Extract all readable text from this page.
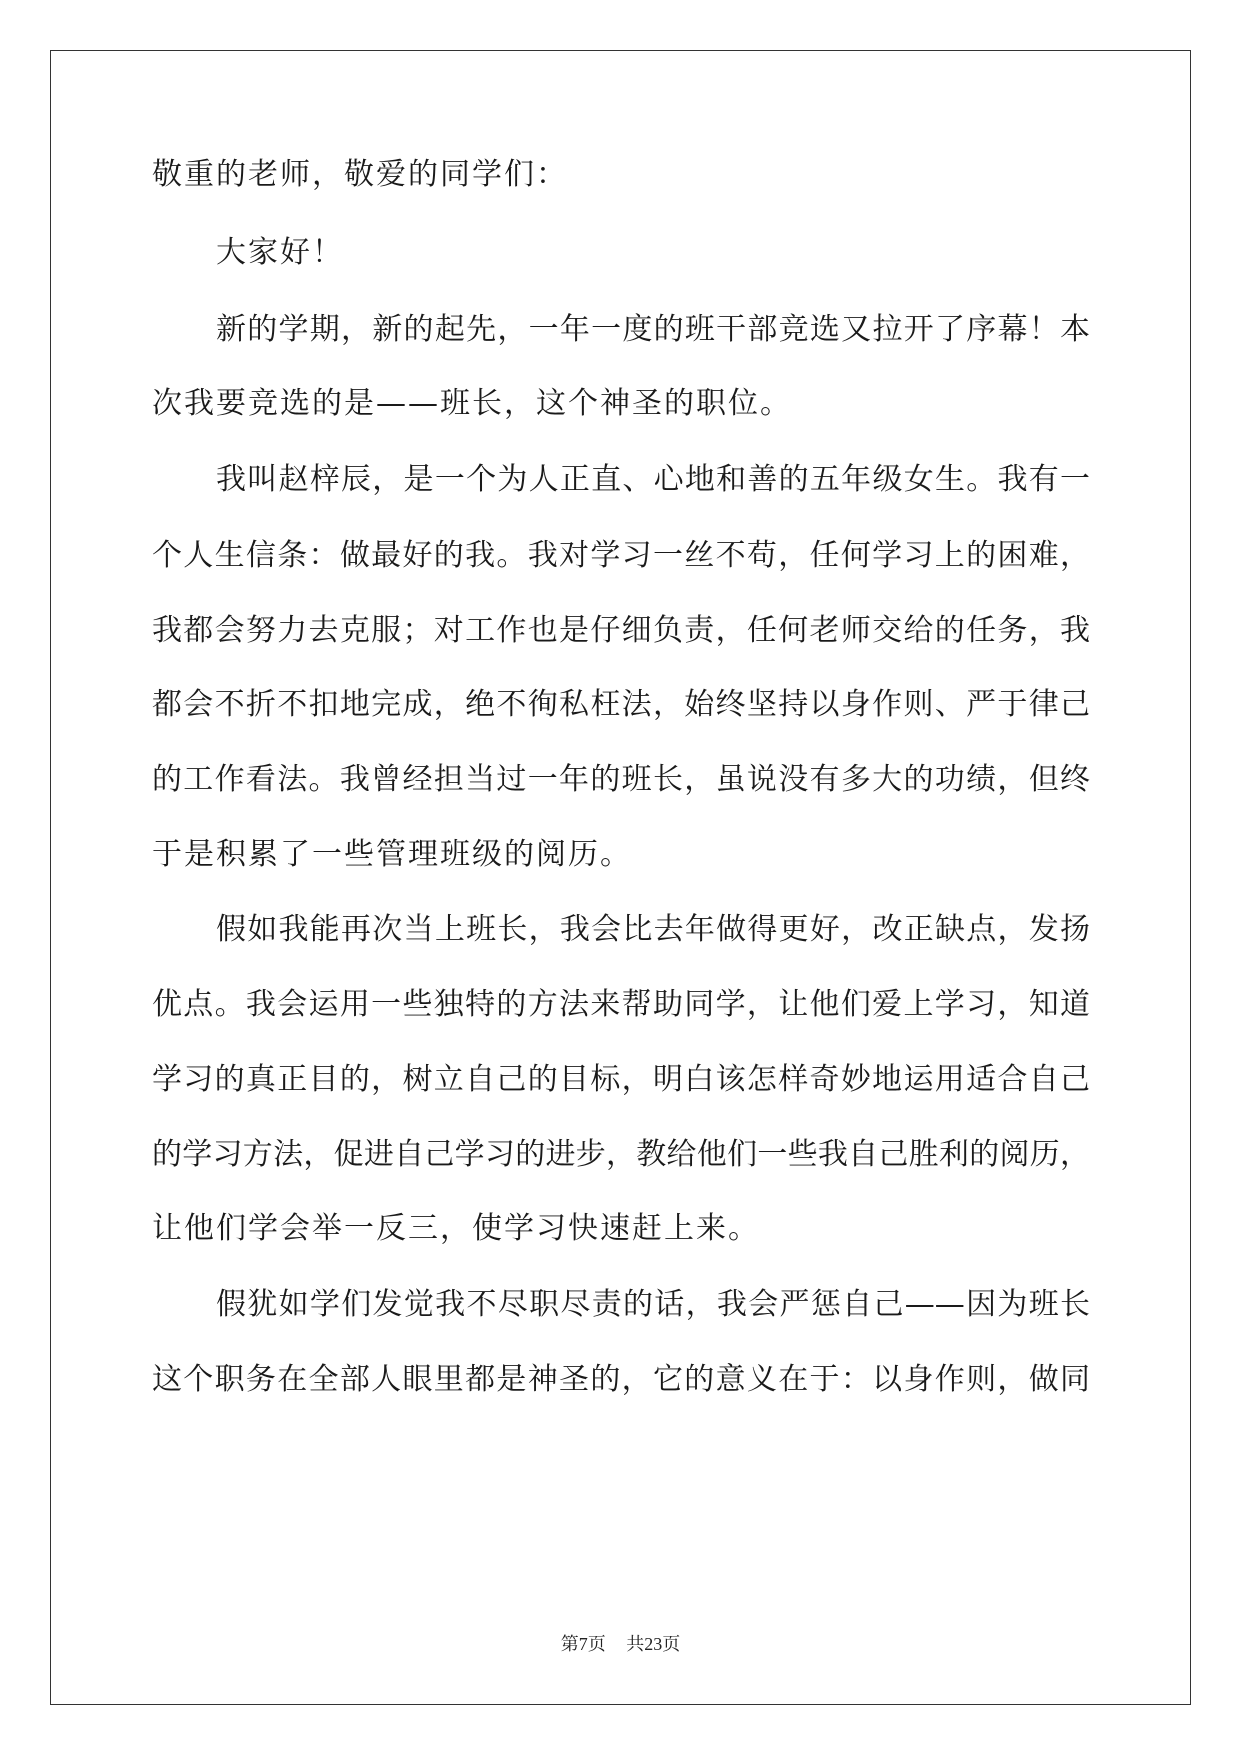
敬重的老师，敬爱的同学们：
大家好！
新的学期，新的起先，一年一度的班干部竞选又拉开了序幕！本
次我要竞选的是——班长，这个神圣的职位。
我叫赵梓辰，是一个为人正直、心地和善的五年级女生。我有一
个人生信条：做最好的我。我对学习一丝不苟，任何学习上的困难，
我都会努力去克服；对工作也是仔细负责，任何老师交给的任务，我
都会不折不扣地完成，绝不徇私枉法，始终坚持以身作则、严于律己
的工作看法。我曾经担当过一年的班长，虽说没有多大的功绩，但终
于是积累了一些管理班级的阅历。
假如我能再次当上班长，我会比去年做得更好，改正缺点，发扬
优点。我会运用一些独特的方法来帮助同学，让他们爱上学习，知道
学习的真正目的，树立自己的目标，明白该怎样奇妙地运用适合自己
的学习方法，促进自己学习的进步，教给他们一些我自己胜利的阅历，
让他们学会举一反三，使学习快速赶上来。
假犹如学们发觉我不尽职尽责的话，我会严惩自己——因为班长
这个职务在全部人眼里都是神圣的，它的意义在于：以身作则，做同
第7页 共23页
